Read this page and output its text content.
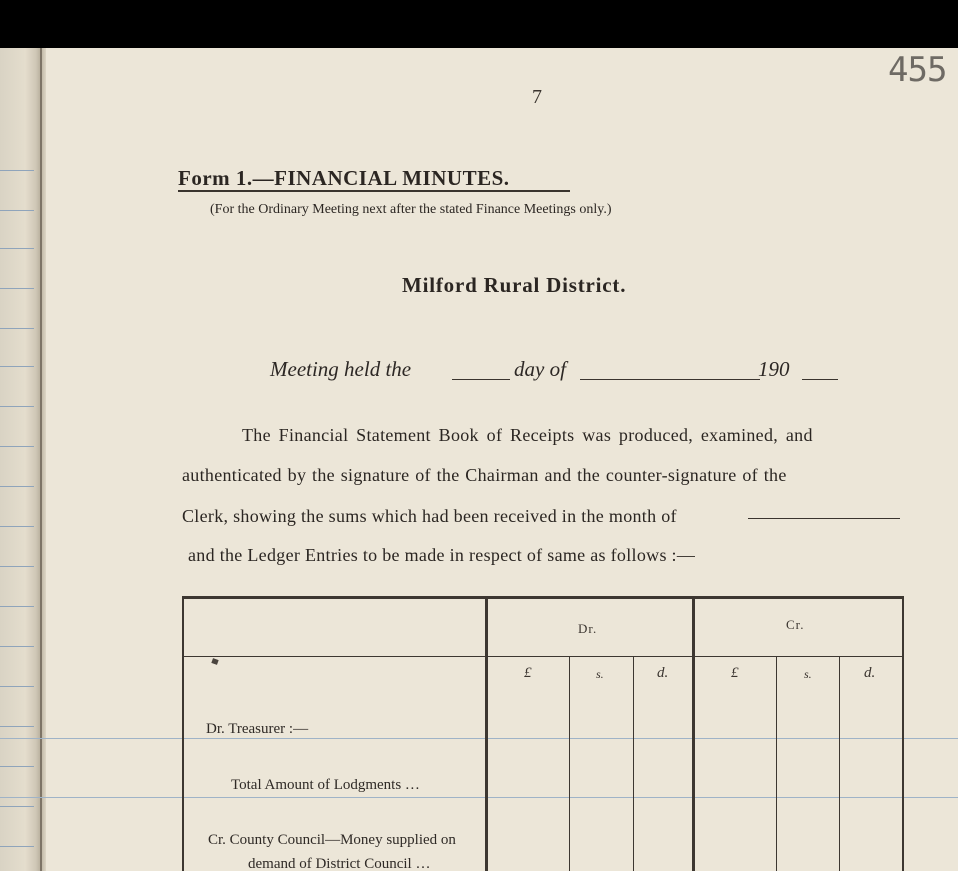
455
7
Form 1.—FINANCIAL MINUTES.
(For the Ordinary Meeting next after the stated Finance Meetings only.)
Milford Rural District.
Meeting held the	day of	190
The Financial Statement Book of Receipts was produced, examined, and
authenticated by the signature of the Chairman and the counter-signature of the
Clerk, showing the sums which had been received in the month of
and the Ledger Entries to be made in respect of same as follows :—
Dr.	Cr.
£	s.	d.	£	s.	d.
Dr. Treasurer :—
Total Amount of Lodgments …
Cr. County Council—Money supplied on
demand of District Council …
